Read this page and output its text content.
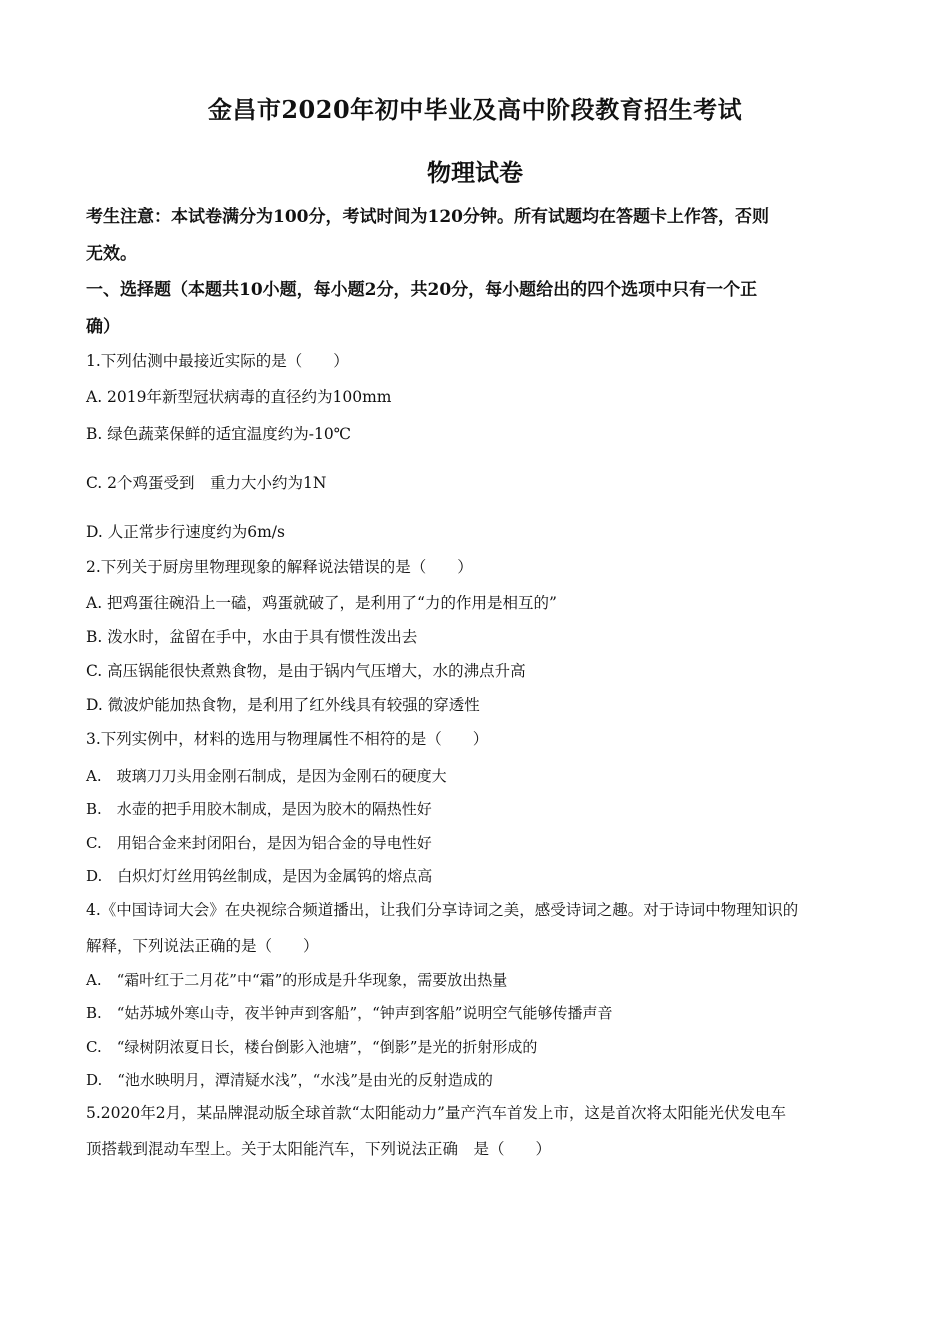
金昌市2020年初中毕业及高中阶段教育招生考试
物理试卷
考生注意：本试卷满分为100分，考试时间为120分钟。所有试题均在答题卡上作答，否则
无效。
一、选择题（本题共10小题，每小题2分，共20分，每小题给出的四个选项中只有一个正
确）
1.下列估测中最接近实际的是（　　）
A. 2019年新型冠状病毒的直径约为100mm
B. 绿色蔬菜保鲜的适宜温度约为-10℃
C. 2个鸡蛋受到　重力大小约为1N
D. 人正常步行速度约为6m/s
2.下列关于厨房里物理现象的解释说法错误的是（　　）
A. 把鸡蛋往碗沿上一磕，鸡蛋就破了，是利用了“力的作用是相互的”
B. 泼水时，盆留在手中，水由于具有惯性泼出去
C. 高压锅能很快煮熟食物，是由于锅内气压增大，水的沸点升高
D. 微波炉能加热食物，是利用了红外线具有较强的穿透性
3.下列实例中，材料的选用与物理属性不相符的是（　　）
A.　玻璃刀刀头用金刚石制成，是因为金刚石的硬度大
B.　水壶的把手用胶木制成，是因为胶木的隔热性好
C.　用铝合金来封闭阳台，是因为铝合金的导电性好
D.　白炽灯灯丝用钨丝制成，是因为金属钨的熔点高
4.《中国诗词大会》在央视综合频道播出，让我们分享诗词之美，感受诗词之趣。对于诗词中物理知识的
解释，下列说法正确的是（　　）
A.　“霜叶红于二月花”中“霜”的形成是升华现象，需要放出热量
B.　“姑苏城外寒山寺，夜半钟声到客船”，“钟声到客船”说明空气能够传播声音
C.　“绿树阴浓夏日长，楼台倒影入池塘”，“倒影”是光的折射形成的
D.　“池水映明月，潭清疑水浅”，“水浅”是由光的反射造成的
5.2020年2月，某品牌混动版全球首款“太阳能动力”量产汽车首发上市，这是首次将太阳能光伏发电车
顶搭载到混动车型上。关于太阳能汽车，下列说法正确　是（　　）
